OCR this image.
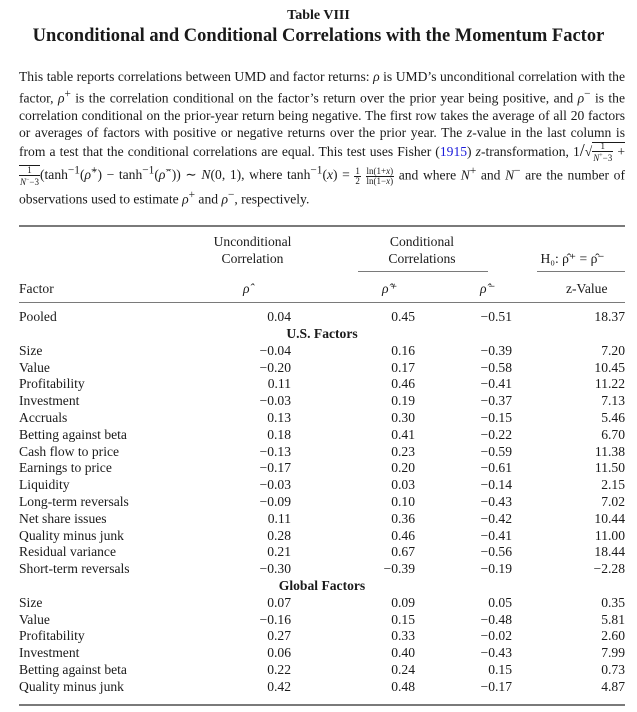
Table VIII
Unconditional and Conditional Correlations with the Momentum Factor
This table reports correlations between UMD and factor returns: ρ is UMD’s unconditional correlation with the factor, ρ+ is the correlation conditional on the factor’s return over the prior year being positive, and ρ− is the correlation conditional on the prior-year return being negative. The first row takes the average of all 20 factors or averages of factors with positive or negative returns over the prior year. The z-value in the last column is from a test that the conditional correlations are equal. This test uses Fisher (1915) z-transformation, $1/√ \frac{1}{N^+-3}$ +
$\frac{1}{N^--3}$ ($\tanh^{-1}(\rhô^+)$ − $\tanh^{-1}(\rhô^-)$) ∼ N(0, 1), where $\tanh^{-1}(x) = \frac{1}{2}$
$\frac{\ln(1+x)}{\ln(1-x)}$ and where N+ and N− are the number of observations used to estimate ρ+ and ρ−, respectively.
Unconditional
Correlation
Conditional
Correlations	H₀: ρ̂⁺ = ρ̂⁻
Factor	ρ̂	ρ̂⁺	ρ̂⁻	z-Value
Pooled	0.04	0.45	−0.51	18.37
U.S. Factors
Size	−0.04	0.16	−0.39	7.20
Value	−0.20	0.17	−0.58	10.45
Profitability	0.11	0.46	−0.41	11.22
Investment	−0.03	0.19	−0.37	7.13
Accruals	0.13	0.30	−0.15	5.46
Betting against beta	0.18	0.41	−0.22	6.70
Cash flow to price	−0.13	0.23	−0.59	11.38
Earnings to price	−0.17	0.20	−0.61	11.50
Liquidity	−0.03	0.03	−0.14	2.15
Long-term reversals	−0.09	0.10	−0.43	7.02
Net share issues	0.11	0.36	−0.42	10.44
Quality minus junk	0.28	0.46	−0.41	11.00
Residual variance	0.21	0.67	−0.56	18.44
Short-term reversals	−0.30	−0.39	−0.19	−2.28
Global Factors
Size	0.07	0.09	0.05	0.35
Value	−0.16	0.15	−0.48	5.81
Profitability	0.27	0.33	−0.02	2.60
Investment	0.06	0.40	−0.43	7.99
Betting against beta	0.22	0.24	0.15	0.73
Quality minus junk	0.42	0.48	−0.17	4.87
